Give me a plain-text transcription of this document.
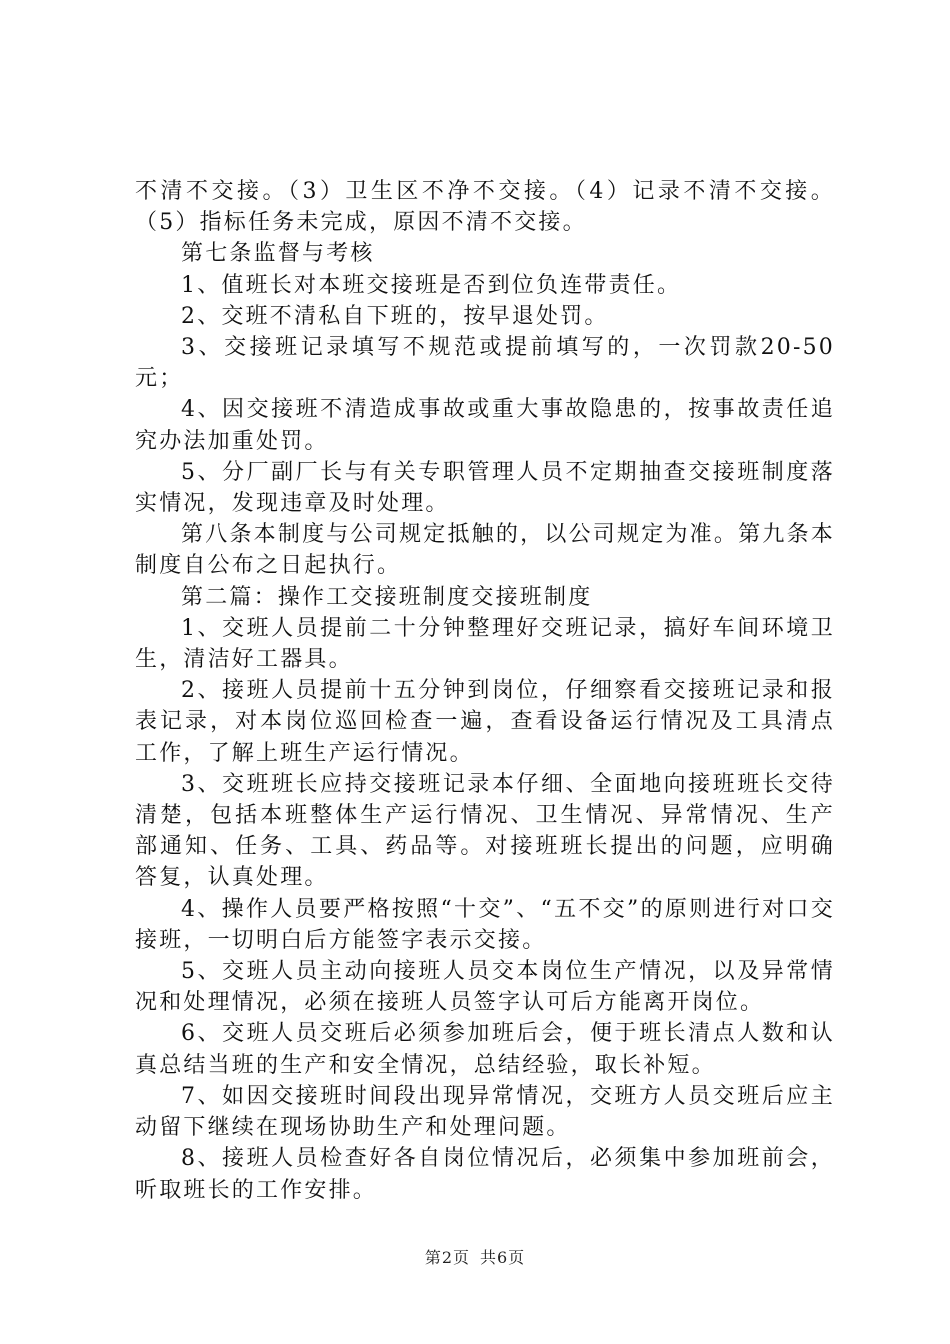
不清不交接。（3）卫生区不净不交接。（4）记录不清不交接。（5）指标任务未完成，原因不清不交接。

第七条监督与考核

1、值班长对本班交接班是否到位负连带责任。

2、交班不清私自下班的，按早退处罚。

3、交接班记录填写不规范或提前填写的，一次罚款20-50元；

4、因交接班不清造成事故或重大事故隐患的，按事故责任追究办法加重处罚。

5、分厂副厂长与有关专职管理人员不定期抽查交接班制度落实情况，发现违章及时处理。

第八条本制度与公司规定抵触的，以公司规定为准。第九条本制度自公布之日起执行。

第二篇：操作工交接班制度交接班制度

1、交班人员提前二十分钟整理好交班记录，搞好车间环境卫生，清洁好工器具。

2、接班人员提前十五分钟到岗位，仔细察看交接班记录和报表记录，对本岗位巡回检查一遍，查看设备运行情况及工具清点工作，了解上班生产运行情况。

3、交班班长应持交接班记录本仔细、全面地向接班班长交待清楚，包括本班整体生产运行情况、卫生情况、异常情况、生产部通知、任务、工具、药品等。对接班班长提出的问题，应明确答复，认真处理。

4、操作人员要严格按照“十交”、“五不交”的原则进行对口交接班，一切明白后方能签字表示交接。

5、交班人员主动向接班人员交本岗位生产情况，以及异常情况和处理情况，必须在接班人员签字认可后方能离开岗位。

6、交班人员交班后必须参加班后会，便于班长清点人数和认真总结当班的生产和安全情况，总结经验，取长补短。

7、如因交接班时间段出现异常情况，交班方人员交班后应主动留下继续在现场协助生产和处理问题。

8、接班人员检查好各自岗位情况后，必须集中参加班前会，听取班长的工作安排。

第2页 共6页
